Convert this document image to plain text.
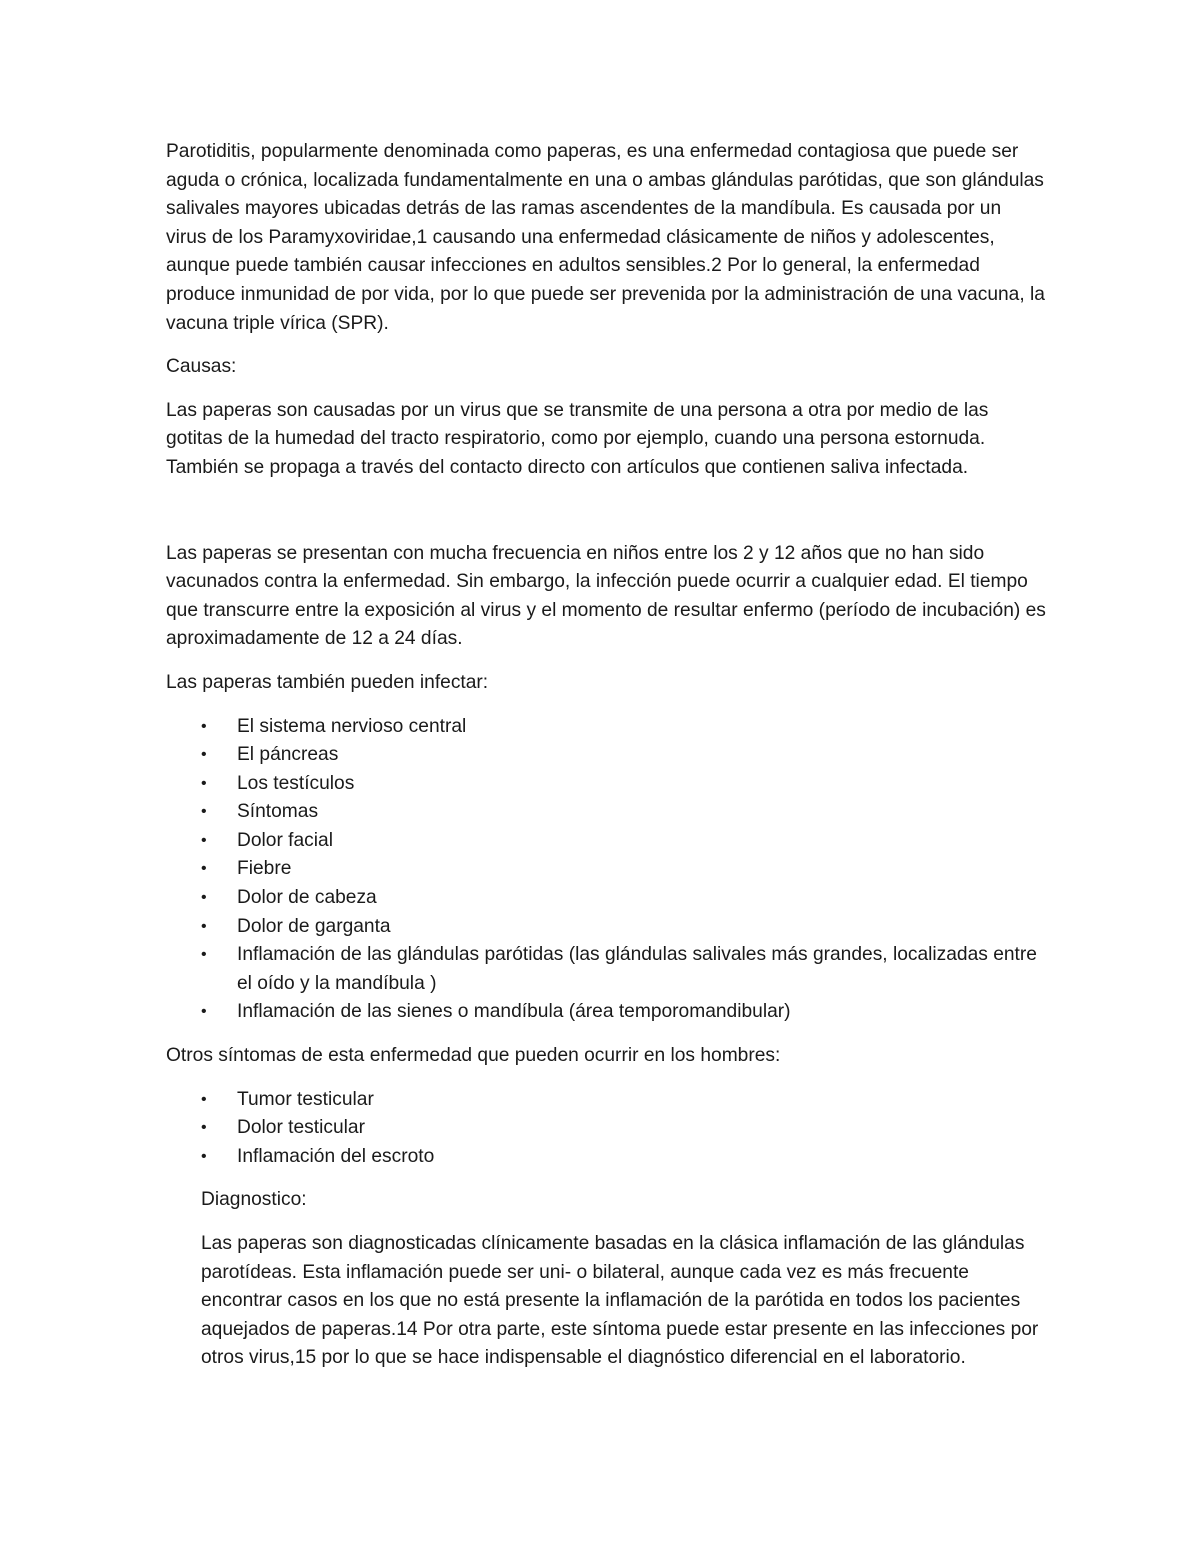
Parotiditis, popularmente denominada como paperas, es una enfermedad contagiosa que puede ser aguda o crónica, localizada fundamentalmente en una o ambas glándulas parótidas, que son glándulas salivales mayores ubicadas detrás de las ramas ascendentes de la mandíbula. Es causada por un virus de los Paramyxoviridae,1 causando una enfermedad clásicamente de niños y adolescentes, aunque puede también causar infecciones en adultos sensibles.2 Por lo general, la enfermedad produce inmunidad de por vida, por lo que puede ser prevenida por la administración de una vacuna, la vacuna triple vírica (SPR).

Causas:

Las paperas son causadas por un virus que se transmite de una persona a otra por medio de las gotitas de la humedad del tracto respiratorio, como por ejemplo, cuando una persona estornuda. También se propaga a través del contacto directo con artículos que contienen saliva infectada.

Las paperas se presentan con mucha frecuencia en niños entre los 2 y 12 años que no han sido vacunados contra la enfermedad. Sin embargo, la infección puede ocurrir a cualquier edad. El tiempo que transcurre entre la exposición al virus y el momento de resultar enfermo (período de incubación) es aproximadamente de 12 a 24 días.

Las paperas también pueden infectar:

• El sistema nervioso central
• El páncreas
• Los testículos
• Síntomas
• Dolor facial
• Fiebre
• Dolor de cabeza
• Dolor de garganta
• Inflamación de las glándulas parótidas (las glándulas salivales más grandes, localizadas entre el oído y la mandíbula )
• Inflamación de las sienes o mandíbula (área temporomandibular)

Otros síntomas de esta enfermedad que pueden ocurrir en los hombres:

• Tumor testicular
• Dolor testicular
• Inflamación del escroto

Diagnostico:

Las paperas son diagnosticadas clínicamente basadas en la clásica inflamación de las glándulas parotídeas. Esta inflamación puede ser uni- o bilateral, aunque cada vez es más frecuente encontrar casos en los que no está presente la inflamación de la parótida en todos los pacientes aquejados de paperas.14 Por otra parte, este síntoma puede estar presente en las infecciones por otros virus,15 por lo que se hace indispensable el diagnóstico diferencial en el laboratorio.
